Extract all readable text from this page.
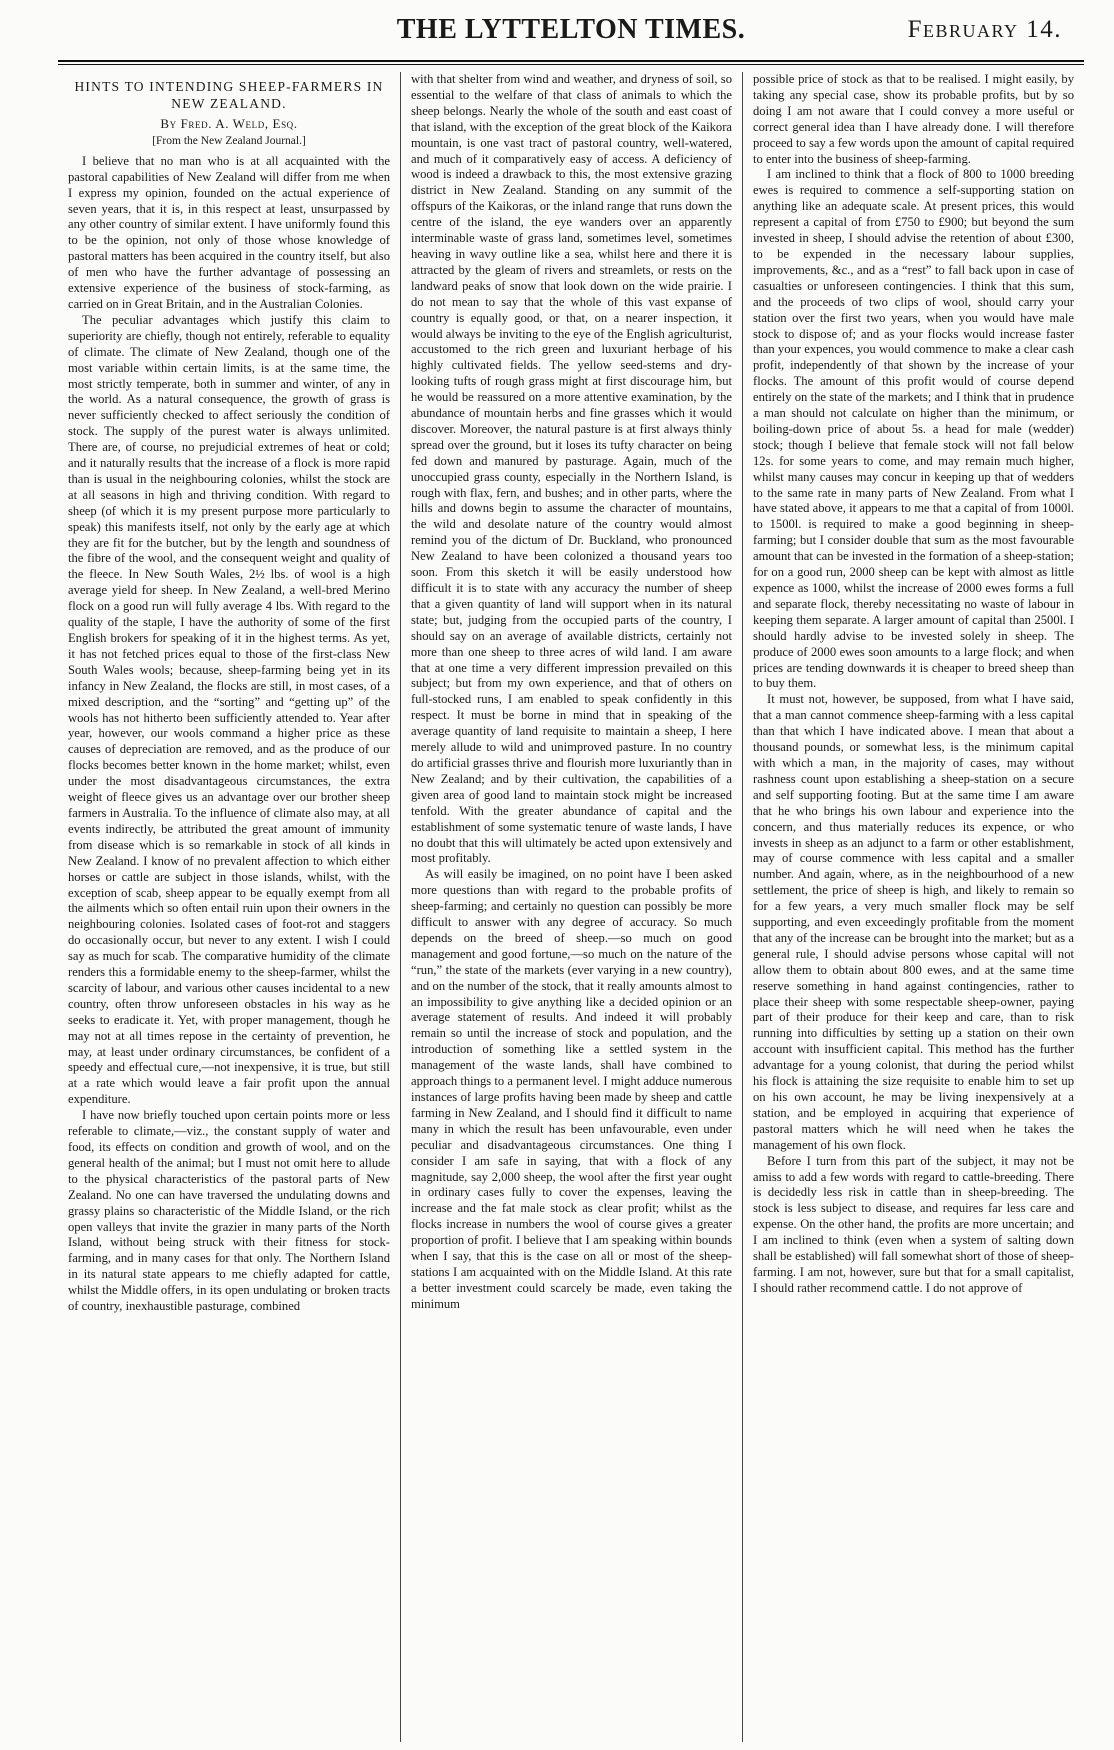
THE LYTTELTON TIMES.	February 14.
HINTS TO INTENDING SHEEP-FARMERS IN NEW ZEALAND.
By Fred. A. Weld, Esq.
[From the New Zealand Journal.]

I believe that no man who is at all acquainted with the pastoral capabilities of New Zealand will differ from me when I express my opinion, founded on the actual experience of seven years, that it is, in this respect at least, unsurpassed by any other country of similar extent. I have uniformly found this to be the opinion, not only of those whose knowledge of pastoral matters has been acquired in the country itself, but also of men who have the further advantage of possessing an extensive experience of the business of stock-farming, as carried on in Great Britain, and in the Australian Colonies.

The peculiar advantages which justify this claim to superiority are chiefly, though not entirely, referable to equality of climate. The climate of New Zealand, though one of the most variable within certain limits, is at the same time, the most strictly temperate, both in summer and winter, of any in the world. As a natural consequence, the growth of grass is never sufficiently checked to affect seriously the condition of stock. The supply of the purest water is always unlimited. There are, of course, no prejudicial extremes of heat or cold; and it naturally results that the increase of a flock is more rapid than is usual in the neighbouring colonies, whilst the stock are at all seasons in high and thriving condition. With regard to sheep (of which it is my present purpose more particularly to speak) this manifests itself, not only by the early age at which they are fit for the butcher, but by the length and soundness of the fibre of the wool, and the consequent weight and quality of the fleece. In New South Wales, 2½ lbs. of wool is a high average yield for sheep. In New Zealand, a well-bred Merino flock on a good run will fully average 4 lbs. With regard to the quality of the staple, I have the authority of some of the first English brokers for speaking of it in the highest terms. As yet, it has not fetched prices equal to those of the first-class New South Wales wools; because, sheep-farming being yet in its infancy in New Zealand, the flocks are still, in most cases, of a mixed description, and the “sorting” and “getting up” of the wools has not hitherto been sufficiently attended to. Year after year, however, our wools command a higher price as these causes of depreciation are removed, and as the produce of our flocks becomes better known in the home market; whilst, even under the most disadvantageous circumstances, the extra weight of fleece gives us an advantage over our brother sheep farmers in Australia. To the influence of climate also may, at all events indirectly, be attributed the great amount of immunity from disease which is so remarkable in stock of all kinds in New Zealand. I know of no prevalent affection to which either horses or cattle are subject in those islands, whilst, with the exception of scab, sheep appear to be equally exempt from all the ailments which so often entail ruin upon their owners in the neighbouring colonies. Isolated cases of foot-rot and staggers do occasionally occur, but never to any extent. I wish I could say as much for scab. The comparative humidity of the climate renders this a formidable enemy to the sheep-farmer, whilst the scarcity of labour, and various other causes incidental to a new country, often throw unforeseen obstacles in his way as he seeks to eradicate it. Yet, with proper management, though he may not at all times repose in the certainty of prevention, he may, at least under ordinary circumstances, be confident of a speedy and effectual cure,—not inexpensive, it is true, but still at a rate which would leave a fair profit upon the annual expenditure.

I have now briefly touched upon certain points more or less referable to climate,—viz., the constant supply of water and food, its effects on condition and growth of wool, and on the general health of the animal; but I must not omit here to allude to the physical characteristics of the pastoral parts of New Zealand. No one can have traversed the undulating downs and grassy plains so characteristic of the Middle Island, or the rich open valleys that invite the grazier in many parts of the North Island, without being struck with their fitness for stock-farming, and in many cases for that only. The Northern Island in its natural state appears to me chiefly adapted for cattle, whilst the Middle offers, in its open undulating or broken tracts of country, inexhaustible pasturage, combined

with that shelter from wind and weather, and dryness of soil, so essential to the welfare of that class of animals to which the sheep belongs. Nearly the whole of the south and east coast of that island, with the exception of the great block of the Kaikora mountain, is one vast tract of pastoral country, well-watered, and much of it comparatively easy of access. A deficiency of wood is indeed a drawback to this, the most extensive grazing district in New Zealand. Standing on any summit of the offspurs of the Kaikoras, or the inland range that runs down the centre of the island, the eye wanders over an apparently interminable waste of grass land, sometimes level, sometimes heaving in wavy outline like a sea, whilst here and there it is attracted by the gleam of rivers and streamlets, or rests on the landward peaks of snow that look down on the wide prairie. I do not mean to say that the whole of this vast expanse of country is equally good, or that, on a nearer inspection, it would always be inviting to the eye of the English agriculturist, accustomed to the rich green and luxuriant herbage of his highly cultivated fields. The yellow seed-stems and dry-looking tufts of rough grass might at first discourage him, but he would be reassured on a more attentive examination, by the abundance of mountain herbs and fine grasses which it would discover. Moreover, the natural pasture is at first always thinly spread over the ground, but it loses its tufty character on being fed down and manured by pasturage. Again, much of the unoccupied grass county, especially in the Northern Island, is rough with flax, fern, and bushes; and in other parts, where the hills and downs begin to assume the character of mountains, the wild and desolate nature of the country would almost remind you of the dictum of Dr. Buckland, who pronounced New Zealand to have been colonized a thousand years too soon. From this sketch it will be easily understood how difficult it is to state with any accuracy the number of sheep that a given quantity of land will support when in its natural state; but, judging from the occupied parts of the country, I should say on an average of available districts, certainly not more than one sheep to three acres of wild land. I am aware that at one time a very different impression prevailed on this subject; but from my own experience, and that of others on full-stocked runs, I am enabled to speak confidently in this respect. It must be borne in mind that in speaking of the average quantity of land requisite to maintain a sheep, I here merely allude to wild and unimproved pasture. In no country do artificial grasses thrive and flourish more luxuriantly than in New Zealand; and by their cultivation, the capabilities of a given area of good land to maintain stock might be increased tenfold. With the greater abundance of capital and the establishment of some systematic tenure of waste lands, I have no doubt that this will ultimately be acted upon extensively and most profitably.

As will easily be imagined, on no point have I been asked more questions than with regard to the probable profits of sheep-farming; and certainly no question can possibly be more difficult to answer with any degree of accuracy. So much depends on the breed of sheep.—so much on good management and good fortune,—so much on the nature of the “run,” the state of the markets (ever varying in a new country), and on the number of the stock, that it really amounts almost to an impossibility to give anything like a decided opinion or an average statement of results. And indeed it will probably remain so until the increase of stock and population, and the introduction of something like a settled system in the management of the waste lands, shall have combined to approach things to a permanent level. I might adduce numerous instances of large profits having been made by sheep and cattle farming in New Zealand, and I should find it difficult to name many in which the result has been unfavourable, even under peculiar and disadvantageous circumstances. One thing I consider I am safe in saying, that with a flock of any magnitude, say 2,000 sheep, the wool after the first year ought in ordinary cases fully to cover the expenses, leaving the increase and the fat male stock as clear profit; whilst as the flocks increase in numbers the wool of course gives a greater proportion of profit. I believe that I am speaking within bounds when I say, that this is the case on all or most of the sheep-stations I am acquainted with on the Middle Island. At this rate a better investment could scarcely be made, even taking the minimum

possible price of stock as that to be realised. I might easily, by taking any special case, show its probable profits, but by so doing I am not aware that I could convey a more useful or correct general idea than I have already done. I will therefore proceed to say a few words upon the amount of capital required to enter into the business of sheep-farming.

I am inclined to think that a flock of 800 to 1000 breeding ewes is required to commence a self-supporting station on anything like an adequate scale. At present prices, this would represent a capital of from £750 to £900; but beyond the sum invested in sheep, I should advise the retention of about £300, to be expended in the necessary labour supplies, improvements, &c., and as a “rest” to fall back upon in case of casualties or unforeseen contingencies. I think that this sum, and the proceeds of two clips of wool, should carry your station over the first two years, when you would have male stock to dispose of; and as your flocks would increase faster than your expences, you would commence to make a clear cash profit, independently of that shown by the increase of your flocks. The amount of this profit would of course depend entirely on the state of the markets; and I think that in prudence a man should not calculate on higher than the minimum, or boiling-down price of about 5s. a head for male (wedder) stock; though I believe that female stock will not fall below 12s. for some years to come, and may remain much higher, whilst many causes may concur in keeping up that of wedders to the same rate in many parts of New Zealand. From what I have stated above, it appears to me that a capital of from 1000l. to 1500l. is required to make a good beginning in sheep-farming; but I consider double that sum as the most favourable amount that can be invested in the formation of a sheep-station; for on a good run, 2000 sheep can be kept with almost as little expence as 1000, whilst the increase of 2000 ewes forms a full and separate flock, thereby necessitating no waste of labour in keeping them separate. A larger amount of capital than 2500l. I should hardly advise to be invested solely in sheep. The produce of 2000 ewes soon amounts to a large flock; and when prices are tending downwards it is cheaper to breed sheep than to buy them.

It must not, however, be supposed, from what I have said, that a man cannot commence sheep-farming with a less capital than that which I have indicated above. I mean that about a thousand pounds, or somewhat less, is the minimum capital with which a man, in the majority of cases, may without rashness count upon establishing a sheep-station on a secure and self supporting footing. But at the same time I am aware that he who brings his own labour and experience into the concern, and thus materially reduces its expence, or who invests in sheep as an adjunct to a farm or other establishment, may of course commence with less capital and a smaller number. And again, where, as in the neighbourhood of a new settlement, the price of sheep is high, and likely to remain so for a few years, a very much smaller flock may be self supporting, and even exceedingly profitable from the moment that any of the increase can be brought into the market; but as a general rule, I should advise persons whose capital will not allow them to obtain about 800 ewes, and at the same time reserve something in hand against contingencies, rather to place their sheep with some respectable sheep-owner, paying part of their produce for their keep and care, than to risk running into difficulties by setting up a station on their own account with insufficient capital. This method has the further advantage for a young colonist, that during the period whilst his flock is attaining the size requisite to enable him to set up on his own account, he may be living inexpensively at a station, and be employed in acquiring that experience of pastoral matters which he will need when he takes the management of his own flock.

Before I turn from this part of the subject, it may not be amiss to add a few words with regard to cattle-breeding. There is decidedly less risk in cattle than in sheep-breeding. The stock is less subject to disease, and requires far less care and expense. On the other hand, the profits are more uncertain; and I am inclined to think (even when a system of salting down shall be established) will fall somewhat short of those of sheep-farming. I am not, however, sure but that for a small capitalist, I should rather recommend cattle. I do not approve of
